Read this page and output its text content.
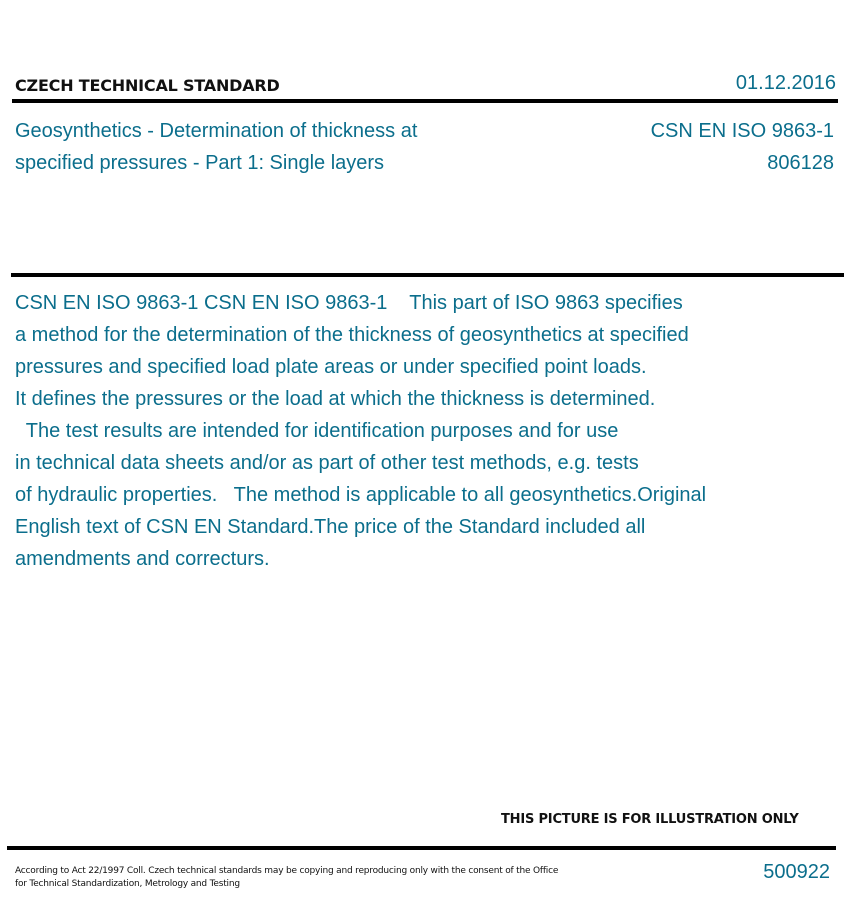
CZECH TECHNICAL STANDARD	01.12.2016
Geosynthetics - Determination of thickness at
specified pressures - Part 1: Single layers
CSN EN ISO 9863-1
806128
CSN EN ISO 9863-1 CSN EN ISO 9863-1    This part of ISO 9863 specifies
a method for the determination of the thickness of geosynthetics at specified
pressures and specified load plate areas or under specified point loads.
It defines the pressures or the load at which the thickness is determined.
The test results are intended for identification purposes and for use
in technical data sheets and/or as part of other test methods, e.g. tests
of hydraulic properties.   The method is applicable to all geosynthetics.Original
English text of CSN EN Standard.The price of the Standard included all
amendments and correcturs.
THIS PICTURE IS FOR ILLUSTRATION ONLY
According to Act 22/1997 Coll. Czech technical standards may be copying and reproducing only with the consent of the Office
for Technical Standardization, Metrology and Testing
500922
